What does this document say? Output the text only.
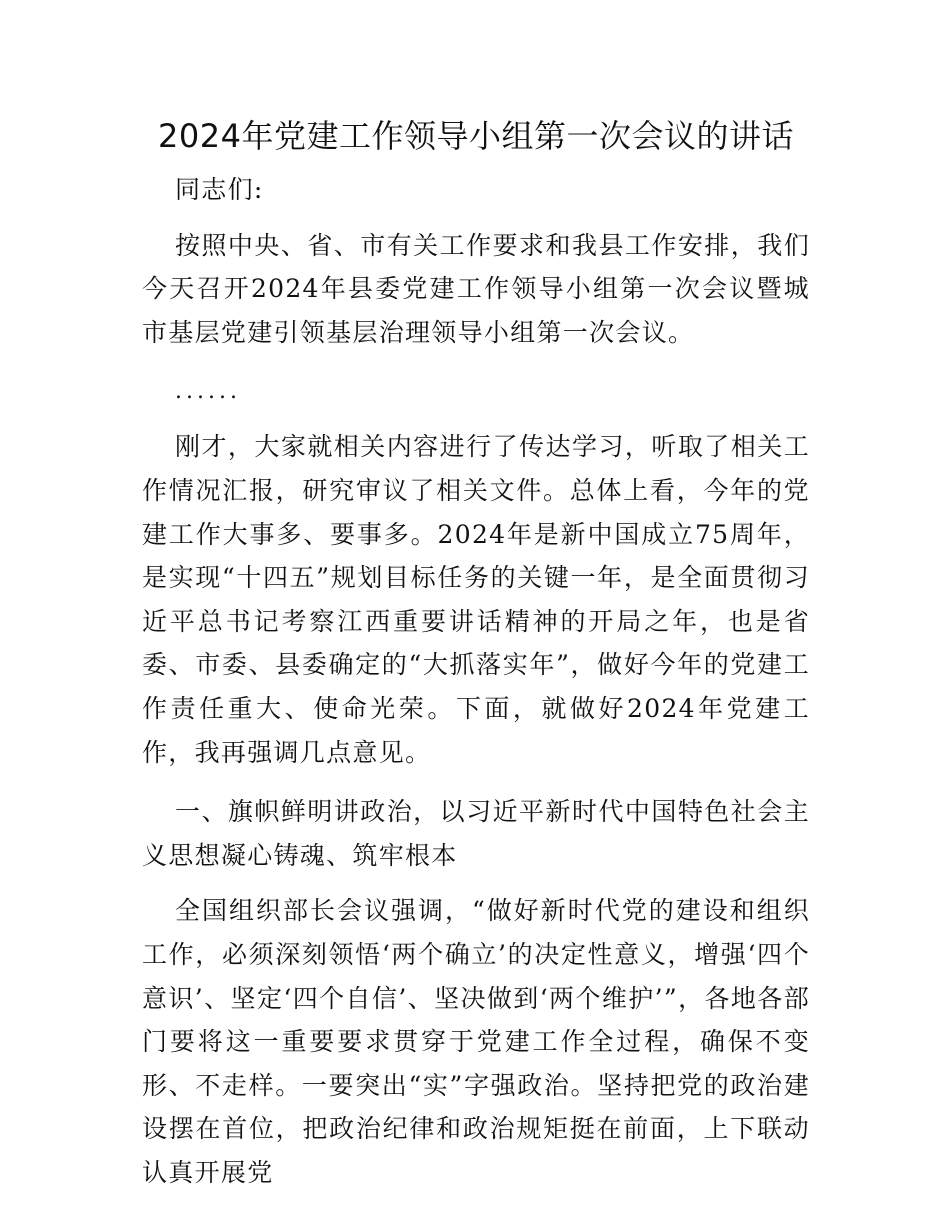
2024年党建工作领导小组第一次会议的讲话

同志们:

按照中央、省、市有关工作要求和我县工作安排，我们今天召开2024年县委党建工作领导小组第一次会议暨城市基层党建引领基层治理领导小组第一次会议。

......

刚才，大家就相关内容进行了传达学习，听取了相关工作情况汇报，研究审议了相关文件。总体上看，今年的党建工作大事多、要事多。2024年是新中国成立75周年，是实现“十四五”规划目标任务的关键一年，是全面贯彻习近平总书记考察江西重要讲话精神的开局之年，也是省委、市委、县委确定的“大抓落实年”，做好今年的党建工作责任重大、使命光荣。下面，就做好2024年党建工作，我再强调几点意见。

一、旗帜鲜明讲政治，以习近平新时代中国特色社会主义思想凝心铸魂、筑牢根本

全国组织部长会议强调，“做好新时代党的建设和组织工作，必须深刻领悟‘两个确立’的决定性意义，增强‘四个意识’、坚定‘四个自信’、坚决做到‘两个维护’”，各地各部门要将这一重要要求贯穿于党建工作全过程，确保不变形、不走样。一要突出“实”字强政治。坚持把党的政治建设摆在首位，把政治纪律和政治规矩挺在前面，上下联动认真开展党
